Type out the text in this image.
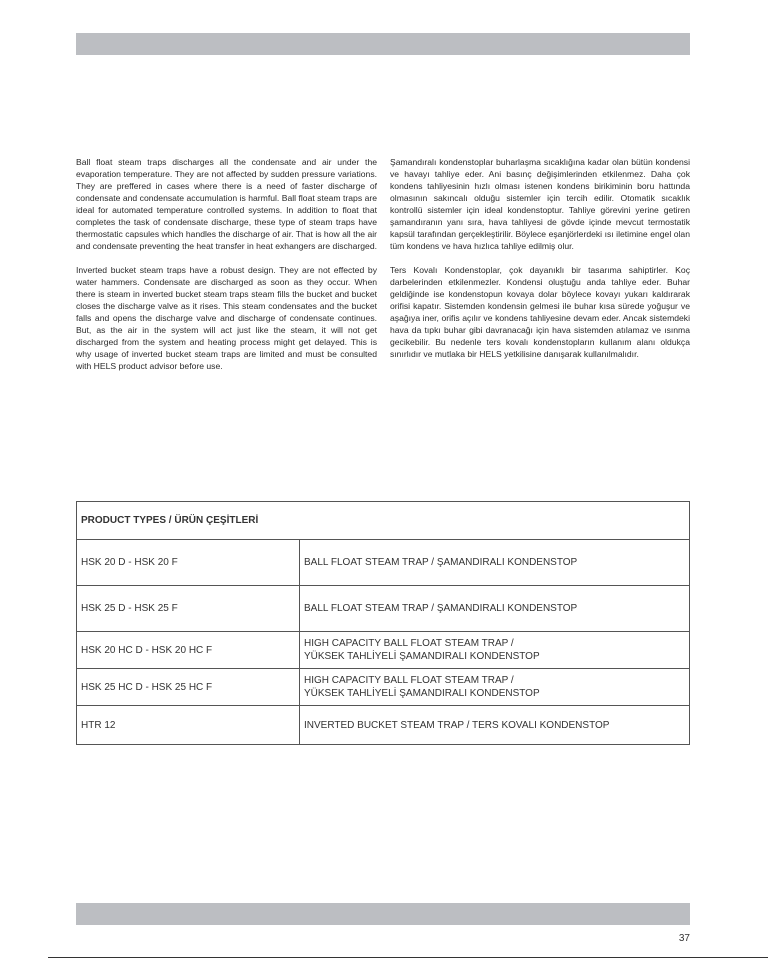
Ball float steam traps discharges all the condensate and air under the evaporation temperature. They are not affected by sudden pressure variations. They are preffered in cases where there is a need of faster discharge of condensate and condensate accumulation is harmful. Ball float steam traps are ideal for automated temperature controlled systems. In addition to float that completes the task of condensate discharge, these type of steam traps have thermostatic capsules which handles the discharge of air. That is how all the air and condensate preventing the heat transfer in heat exhangers are discharged.

Inverted bucket steam traps have a robust design. They are not effected by water hammers. Condensate are discharged as soon as they occur. When there is steam in inverted bucket steam traps steam fills the bucket and bucket closes the discharge valve as it rises. This steam condensates and the bucket falls and opens the discharge valve and discharge of condensate continues. But, as the air in the system will act just like the steam, it will not get discharged from the system and heating process might get delayed. This is why usage of inverted bucket steam traps are limited and must be consulted with HELS product advisor before use.

Şamandıralı kondenstoplar buharlaşma sıcaklığına kadar olan bütün kondensi ve havayı tahliye eder. Ani basınç değişimlerinden etkilenmez. Daha çok kondens tahliyesinin hızlı olması istenen kondens birikiminin boru hattında olmasının sakıncalı olduğu sistemler için tercih edilir. Otomatik sıcaklık kontrollü sistemler için ideal kondenstoptur. Tahliye görevini yerine getiren şamandıranın yanı sıra, hava tahliyesi de gövde içinde mevcut termostatik kapsül tarafından gerçekleştirilir. Böylece eşanjörlerdeki ısı iletimine engel olan tüm kondens ve hava hızlıca tahliye edilmiş olur.

Ters Kovalı Kondenstoplar, çok dayanıklı bir tasarıma sahiptirler. Koç darbelerinden etkilenmezler. Kondensi oluştuğu anda tahliye eder. Buhar geldiğinde ise kondenstopun kovaya dolar böylece kovayı yukarı kaldırarak orifisi kapatır. Sistemden kondensin gelmesi ile buhar kısa sürede yoğuşur ve aşağıya iner, orifis açılır ve kondens tahliyesine devam eder. Ancak sistemdeki hava da tıpkı buhar gibi davranacağı için hava sistemden atılamaz ve ısınma gecikebilir. Bu nedenle ters kovalı kondenstopların kullanım alanı oldukça sınırlıdır ve mutlaka bir HELS yetkilisine danışarak kullanılmalıdır.

PRODUCT TYPES / ÜRÜN ÇEŞİTLERİ	
HSK 20 D - HSK 20 F	BALL FLOAT STEAM TRAP / ŞAMANDIRALI KONDENSTOP

HSK 25 D - HSK 25 F	BALL FLOAT STEAM TRAP / ŞAMANDIRALI KONDENSTOP

HSK 20 HC D - HSK 20 HC F	HIGH CAPACITY BALL FLOAT STEAM TRAP /
YÜKSEK TAHLİYELİ ŞAMANDIRALI KONDENSTOP

HSK 25 HC D - HSK 25 HC F	HIGH CAPACITY BALL FLOAT STEAM TRAP /
YÜKSEK TAHLİYELİ ŞAMANDIRALI KONDENSTOP

HTR 12	INVERTED BUCKET STEAM TRAP / TERS KOVALI KONDENSTOP
37
